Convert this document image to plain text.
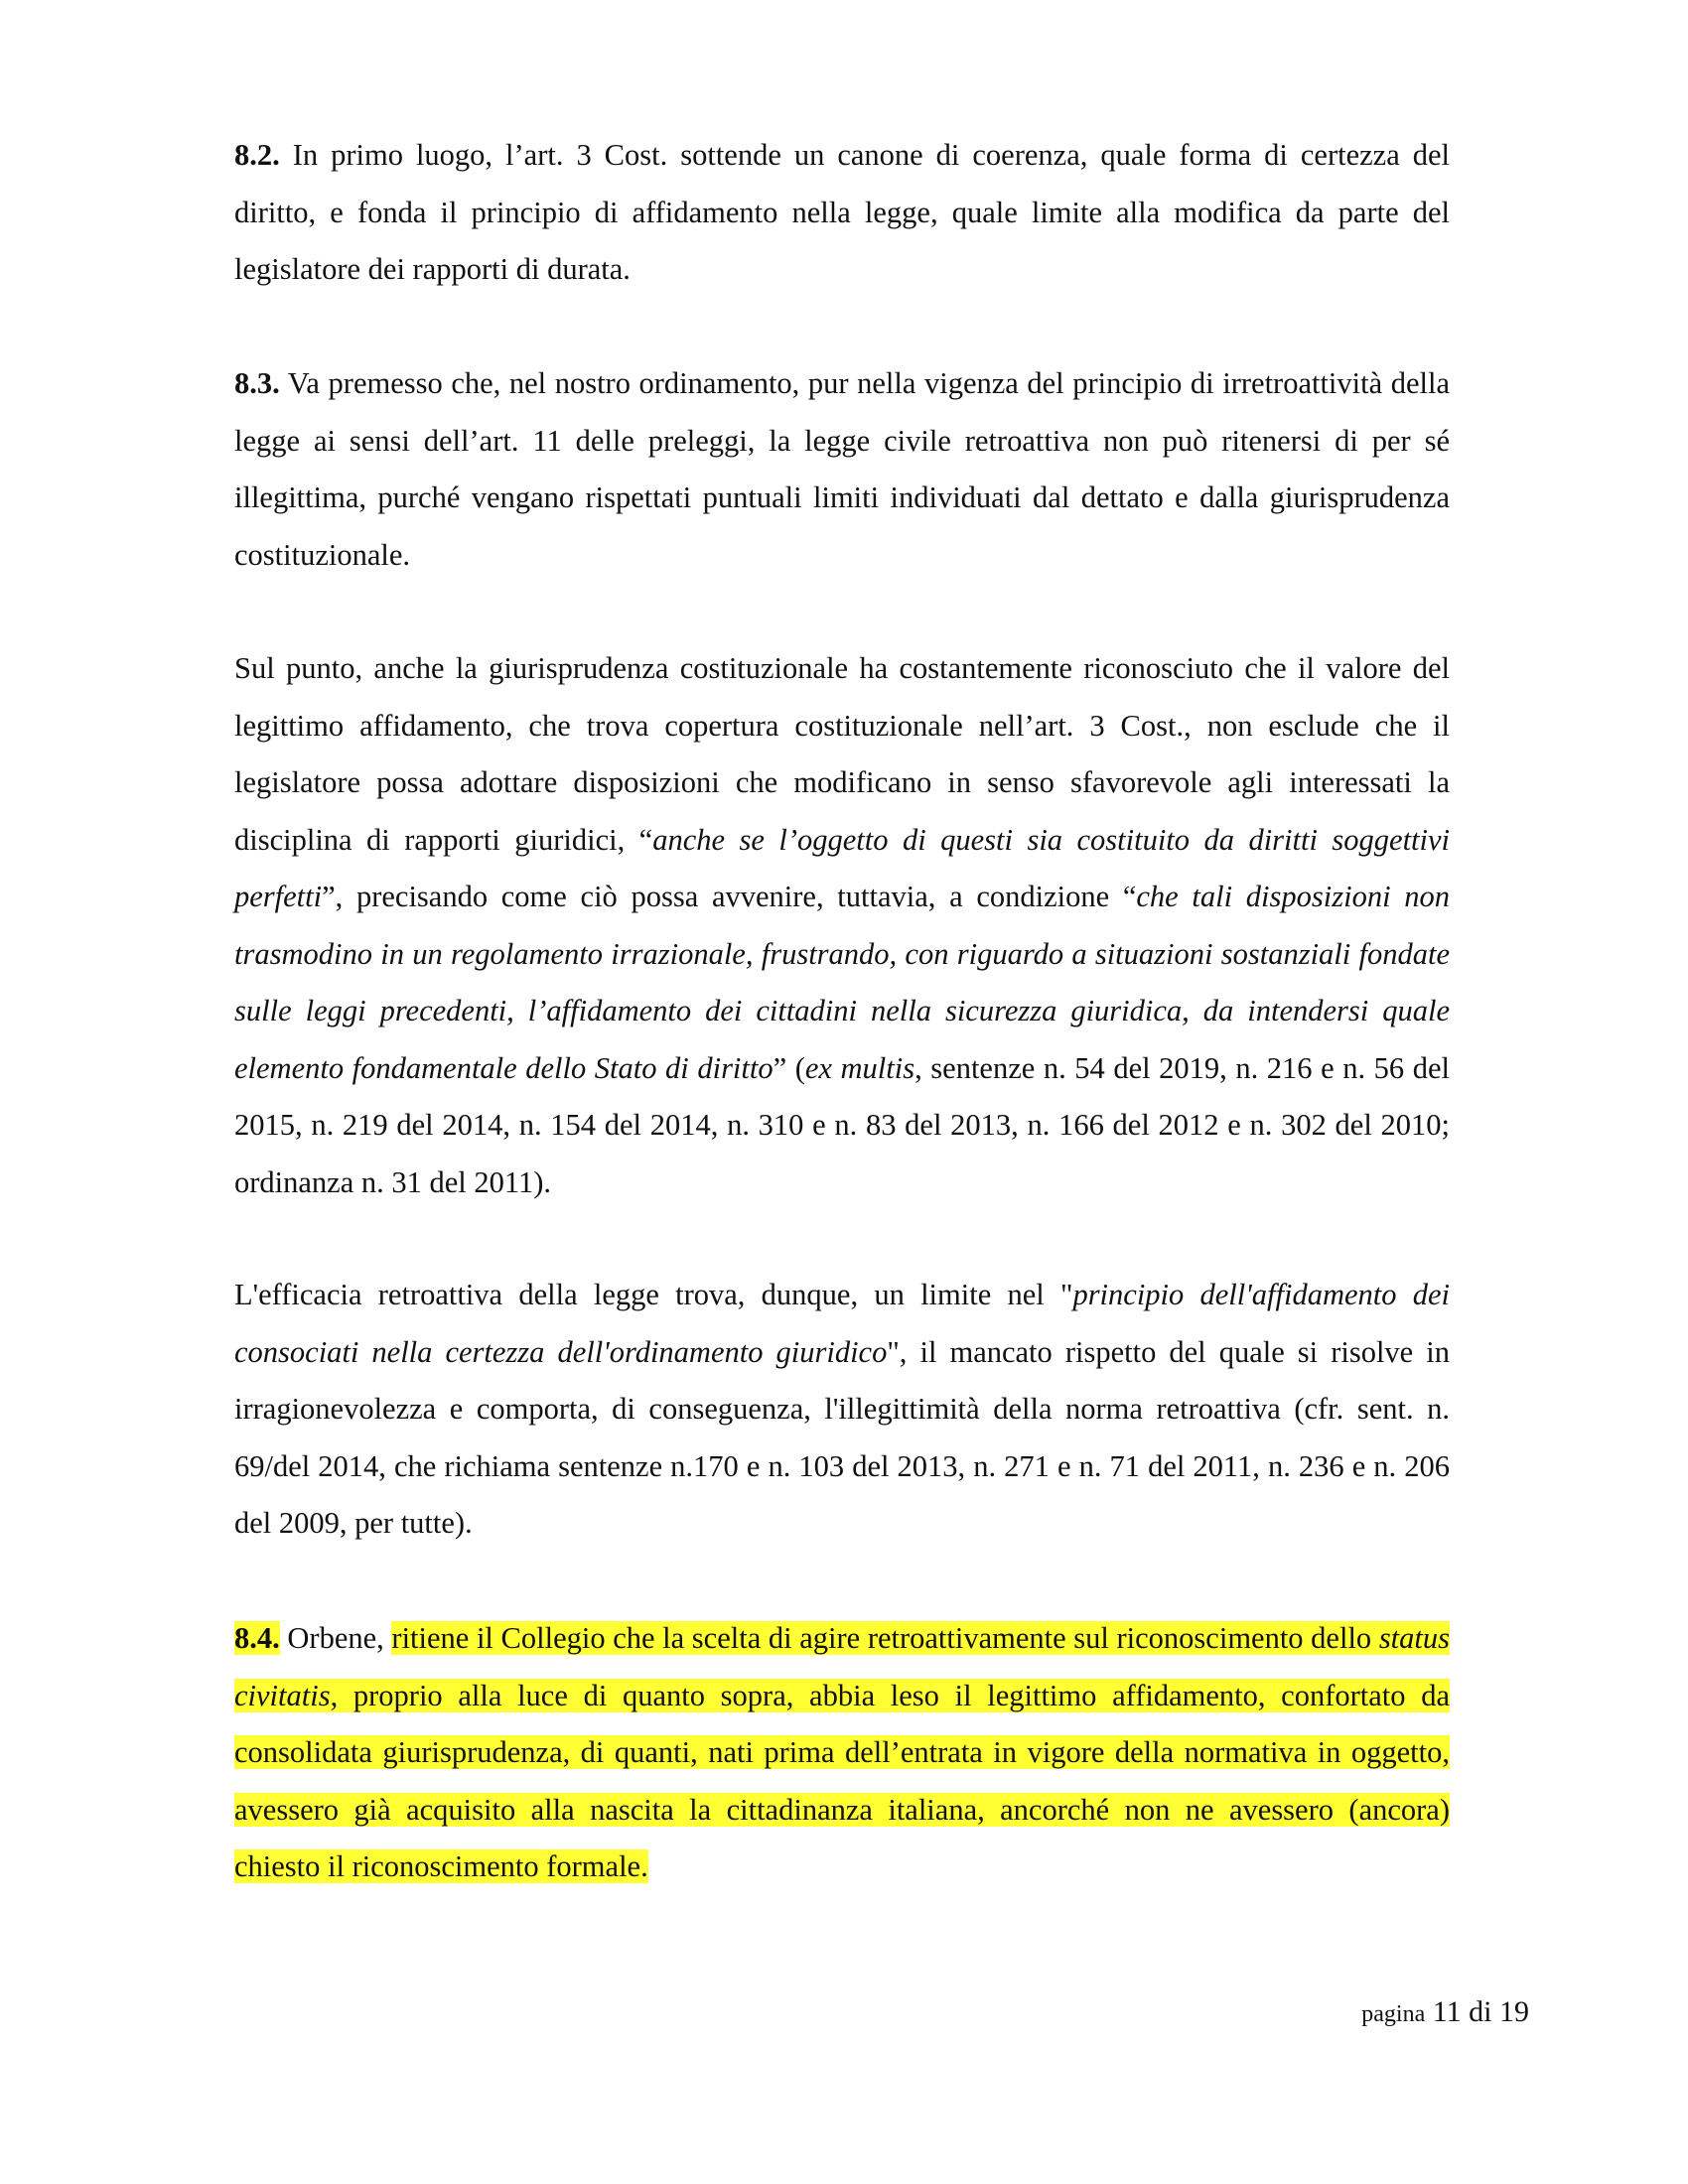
8.2. In primo luogo, l’art. 3 Cost. sottende un canone di coerenza, quale forma di certezza del diritto, e fonda il principio di affidamento nella legge, quale limite alla modifica da parte del legislatore dei rapporti di durata.

8.3. Va premesso che, nel nostro ordinamento, pur nella vigenza del principio di irretroattività della legge ai sensi dell’art. 11 delle preleggi, la legge civile retroattiva non può ritenersi di per sé illegittima, purché vengano rispettati puntuali limiti individuati dal dettato e dalla giurisprudenza costituzionale.

Sul punto, anche la giurisprudenza costituzionale ha costantemente riconosciuto che il valore del legittimo affidamento, che trova copertura costituzionale nell’art. 3 Cost., non esclude che il legislatore possa adottare disposizioni che modificano in senso sfavorevole agli interessati la disciplina di rapporti giuridici, “anche se l’oggetto di questi sia costituito da diritti soggettivi perfetti”, precisando come ciò possa avvenire, tuttavia, a condizione “che tali disposizioni non trasmodino in un regolamento irrazionale, frustrando, con riguardo a situazioni sostanziali fondate sulle leggi precedenti, l’affidamento dei cittadini nella sicurezza giuridica, da intendersi quale elemento fondamentale dello Stato di diritto” (ex multis, sentenze n. 54 del 2019, n. 216 e n. 56 del 2015, n. 219 del 2014, n. 154 del 2014, n. 310 e n. 83 del 2013, n. 166 del 2012 e n. 302 del 2010; ordinanza n. 31 del 2011).

L'efficacia retroattiva della legge trova, dunque, un limite nel "principio dell'affidamento dei consociati nella certezza dell'ordinamento giuridico", il mancato rispetto del quale si risolve in irragionevolezza e comporta, di conseguenza, l'illegittimità della norma retroattiva (cfr. sent. n. 69/del 2014, che richiama sentenze n.170 e n. 103 del 2013, n. 271 e n. 71 del 2011, n. 236 e n. 206 del 2009, per tutte).

8.4. Orbene, ritiene il Collegio che la scelta di agire retroattivamente sul riconoscimento dello status civitatis, proprio alla luce di quanto sopra, abbia leso il legittimo affidamento, confortato da consolidata giurisprudenza, di quanti, nati prima dell’entrata in vigore della normativa in oggetto, avessero già acquisito alla nascita la cittadinanza italiana, ancorché non ne avessero (ancora) chiesto il riconoscimento formale.

pagina 11 di 19
